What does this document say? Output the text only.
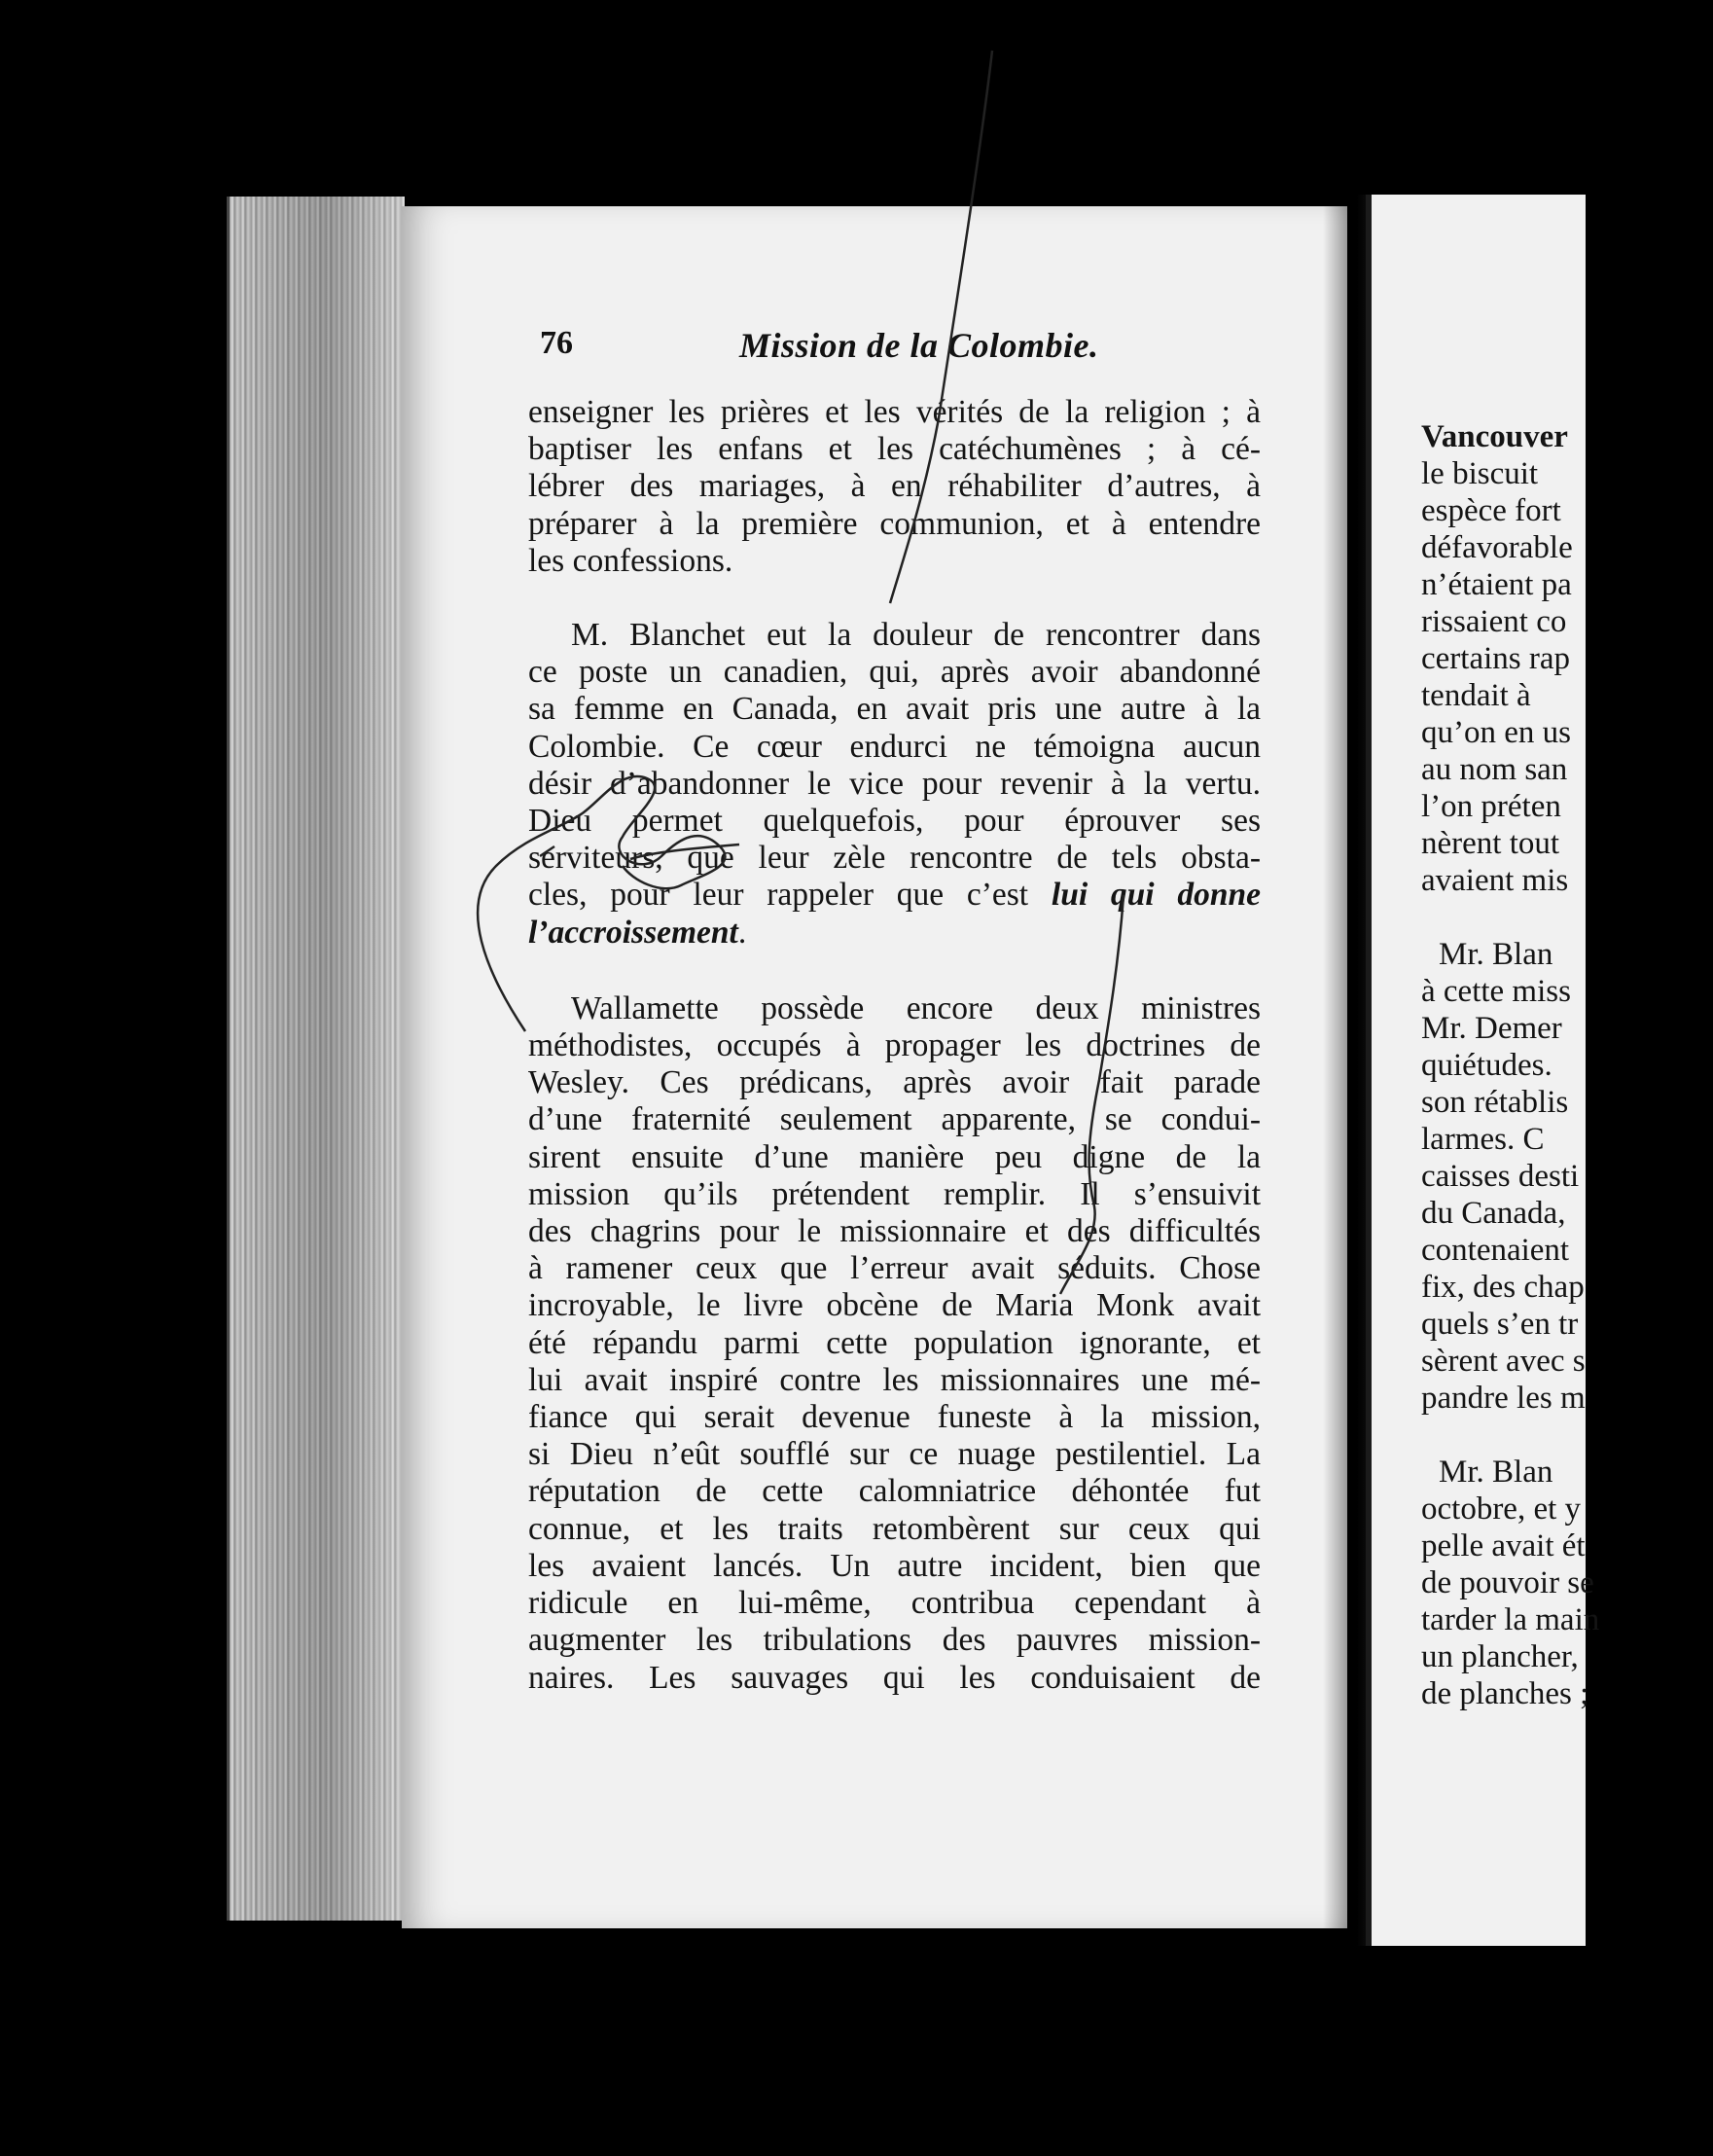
76	Mission de la Colombie.
enseigner les prières et les vérités de la religion ; à
baptiser les enfans et les catéchumènes ; à cé-
lébrer des mariages, à en réhabiliter d’autres, à
préparer à la première communion, et à entendre
les confessions.
M. Blanchet eut la douleur de rencontrer dans
ce poste un canadien, qui, après avoir abandonné
sa femme en Canada, en avait pris une autre à la
Colombie. Ce cœur endurci ne témoigna aucun
désir d’abandonner le vice pour revenir à la vertu.
Dieu permet quelquefois, pour éprouver ses
serviteurs, que leur zèle rencontre de tels obsta-
cles, pour leur rappeler que c’est lui qui donne
l’accroissement.
Wallamette possède encore deux ministres
méthodistes, occupés à propager les doctrines de
Wesley. Ces prédicans, après avoir fait parade
d’une fraternité seulement apparente, se condui-
sirent ensuite d’une manière peu digne de la
mission qu’ils prétendent remplir. Il s’ensuivit
des chagrins pour le missionnaire et des difficultés
à ramener ceux que l’erreur avait séduits. Chose
incroyable, le livre obcène de Maria Monk avait
été répandu parmi cette population ignorante, et
lui avait inspiré contre les missionnaires une mé-
fiance qui serait devenue funeste à la mission,
si Dieu n’eût soufflé sur ce nuage pestilentiel. La
réputation de cette calomniatrice déhontée fut
connue, et les traits retombèrent sur ceux qui
les avaient lancés. Un autre incident, bien que
ridicule en lui-même, contribua cependant à
augmenter les tribulations des pauvres mission-
naires. Les sauvages qui les conduisaient de
Vancouver
le biscuit
espèce fort
défavorable
n’étaient pa
rissaient co
certains rap
tendait à
qu’on en us
au nom san
l’on préten
nèrent tout
avaient mis
Mr. Blan
à cette miss
Mr. Demer
quiétudes.
son rétablis
larmes. C
caisses desti
du Canada,
contenaient
fix, des chap
quels s’en tr
sèrent avec s
pandre les m
Mr. Blan
octobre, et y
pelle avait ét
de pouvoir se
tarder la main
un plancher,
de planches ;
